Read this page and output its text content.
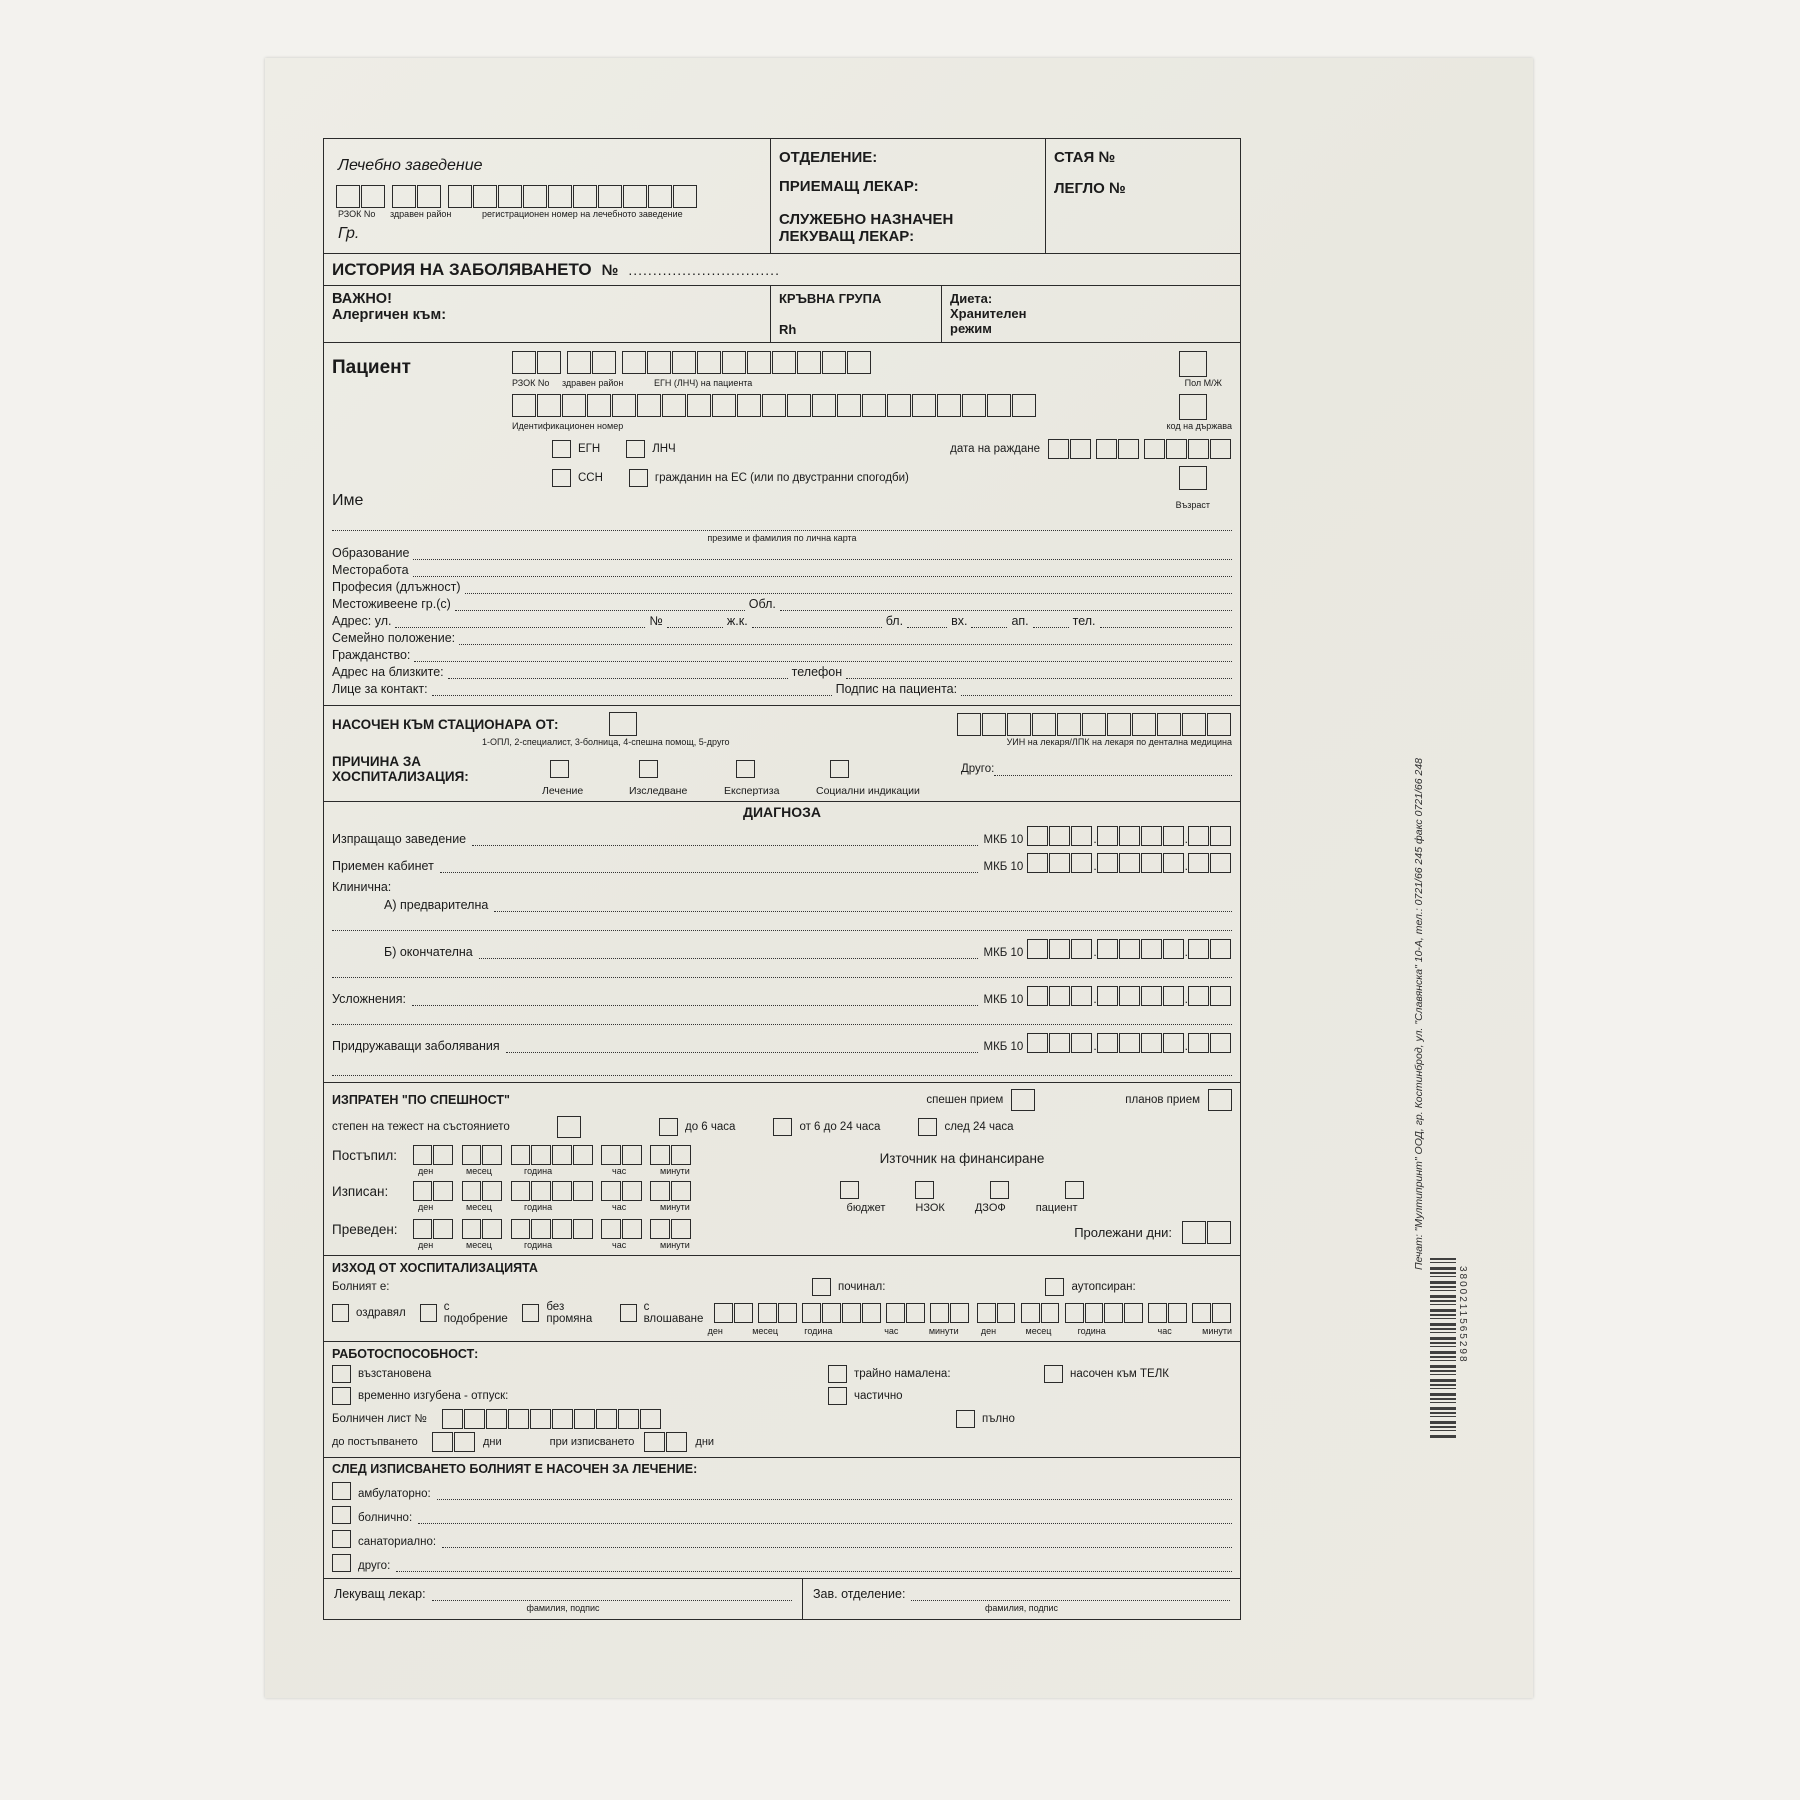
Печат: "Мултипринт" ООД, гр. Костинброд, ул. "Славянска" 10-А, тел.: 0721/66 245 факс 0721/66 248
3800211565298
Лечебно заведение
РЗОК No	здравен район	регистрационен номер на лечебното заведение
Гр.
ОТДЕЛЕНИЕ:
ПРИЕМАЩ ЛЕКАР:
СЛУЖЕБНО НАЗНАЧЕН
ЛЕКУВАЩ ЛЕКАР:
СТАЯ №
ЛЕГЛО №
ИСТОРИЯ НА ЗАБОЛЯВАНЕТО № ...............................
ВАЖНО!
Алергичен към:
КРЪВНА ГРУПА
Rh
Диета:
Хранителен
режим
Пациент
РЗОК No	здравен район	ЕГН (ЛНЧ) на пациента	Пол М/Ж
Идентификационен номер	код на държава
ЕГН	ЛНЧ	дата на раждане
ССН	гражданин на ЕС (или по двустранни спогодби)
Име	Възраст
презиме и фамилия по лична карта
Образование
Месторабота
Професия (длъжност)
Местоживеене гр.(с)	Обл.
Адрес: ул.	№	ж.к.	бл.	вх.	ап.	тел.
Семейно положение:
Гражданство:
Адрес на близките:	телефон
Лице за контакт:	Подпис на пациента:
НАСОЧЕН КЪМ СТАЦИОНАРА ОТ:
1-ОПЛ, 2-специалист, 3-болница, 4-спешна помощ, 5-друго	УИН на лекаря/ЛПК на лекаря по дентална медицина
ПРИЧИНА ЗА ХОСПИТАЛИЗАЦИЯ:	Друго:
Лечение	Изследване	Експертиза	Социални индикации
ДИАГНОЗА
Изпращащо заведение	МКБ 10	.	.
Приемен кабинет	МКБ 10	.	.
Клинична:
А) предварителна
Б) окончателна	МКБ 10	.	.
Усложнения:	МКБ 10	.	.
Придружаващи заболявания	МКБ 10	.	.
ИЗПРАТЕН "ПО СПЕШНОСТ"	спешен прием	планов прием
степен на тежест на състоянието	до 6 часа	от 6 до 24 часа	след 24 часа
Постъпил:
ден	месец	година	час	минути
Източник на финансиране
Изписан:
ден	месец	година	час	минути	бюджет	НЗОК	ДЗОФ	пациент
Преведен:
ден	месец	година	час	минути
Пролежани дни:
ИЗХОД ОТ ХОСПИТАЛИЗАЦИЯТА
Болният е:	починал:	аутопсиран:
оздравял	с подобрение
без промяна
с влошаване
ден	месец	година	час	минути	ден	месец	година	час	минути
РАБОТОСПОСОБНОСТ:
възстановена	трайно намалена:	насочен към ТЕЛК
временно изгубена - отпуск:	частично
Болничен лист №	пълно
до постъпването	дни	при изписването	дни
СЛЕД ИЗПИСВАНЕТО БОЛНИЯТ Е НАСОЧЕН ЗА ЛЕЧЕНИЕ:
амбулаторно:
болнично:
санаториално:
друго:
Лекуващ лекар:
фамилия, подпис
Зав. отделение:
фамилия, подпис
